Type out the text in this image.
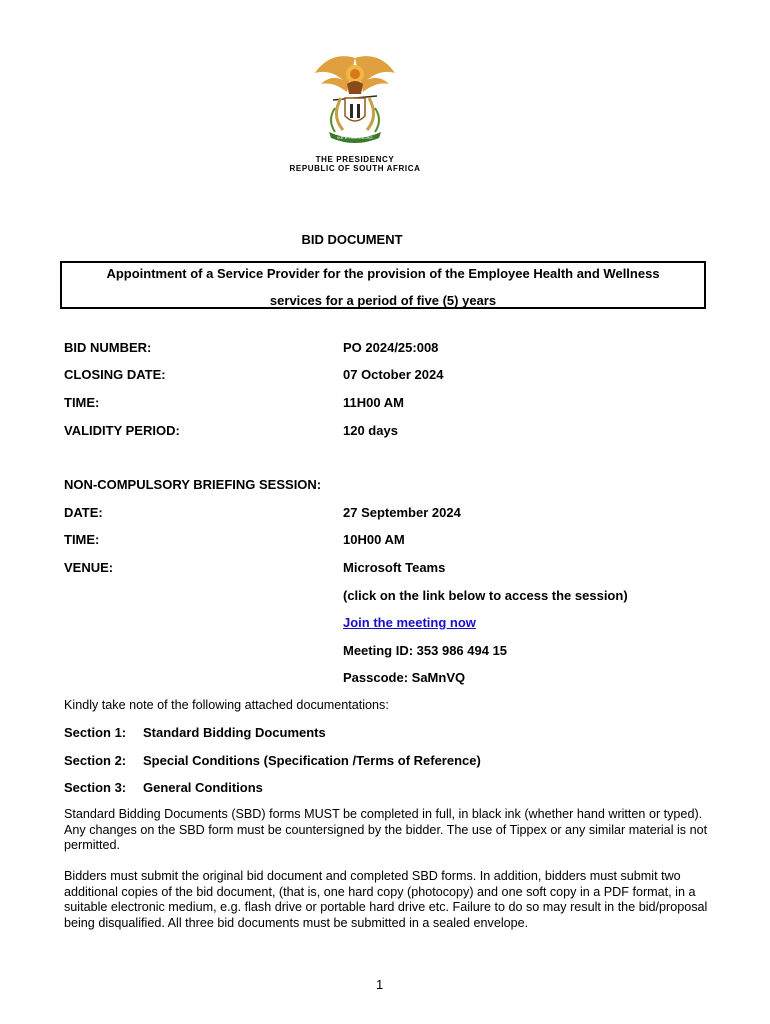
!KE E: /XARRA //KE
THE PRESIDENCY
REPUBLIC OF SOUTH AFRICA
BID DOCUMENT
Appointment of a Service Provider for the provision of the Employee Health and Wellness
services for a period of five (5) years
BID NUMBER:	PO 2024/25:008
CLOSING DATE:	07 October 2024
TIME:	11H00 AM
VALIDITY PERIOD:	120 days
NON-COMPULSORY BRIEFING SESSION:
DATE:	27 September 2024
TIME:	10H00 AM
VENUE:	Microsoft Teams
(click on the link below to access the session)
Join the meeting now
Meeting ID: 353 986 494 15
Passcode: SaMnVQ
Kindly take note of the following attached documentations:
Section 1: Standard Bidding Documents
Section 2: Special Conditions (Specification /Terms of Reference)
Section 3: General Conditions
Standard Bidding Documents (SBD) forms MUST be completed in full, in black ink (whether hand written or typed). Any changes on the SBD form must be countersigned by the bidder. The use of Tippex or any similar material is not permitted.
Bidders must submit the original bid document and completed SBD forms. In addition, bidders must submit two additional copies of the bid document, (that is, one hard copy (photocopy) and one soft copy in a PDF format, in a suitable electronic medium, e.g. flash drive or portable hard drive etc. Failure to do so may result in the bid/proposal being disqualified. All three bid documents must be submitted in a sealed envelope.
1
